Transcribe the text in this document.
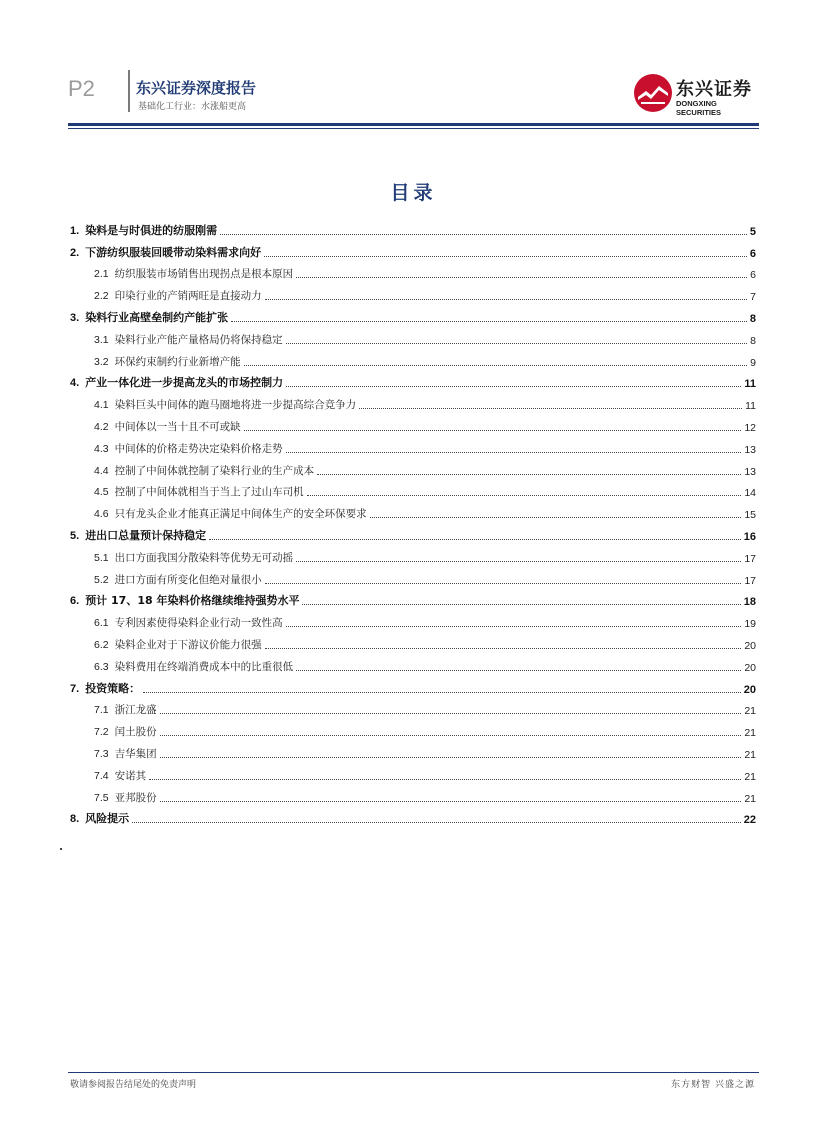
P2	东兴证券深度报告
基础化工行业：水涨船更高
东兴证券
DONGXING SECURITIES
目录
1. 染料是与时俱进的纺服刚需	5
2. 下游纺织服装回暖带动染料需求向好	6
2.1 纺织服装市场销售出现拐点是根本原因	6
2.2 印染行业的产销两旺是直接动力	7
3. 染料行业高壁垒制约产能扩张	8
3.1 染料行业产能产量格局仍将保持稳定	8
3.2 环保约束制约行业新增产能	9
4. 产业一体化进一步提高龙头的市场控制力	11
4.1 染料巨头中间体的跑马圈地将进一步提高综合竞争力	11
4.2 中间体以一当十且不可或缺	12
4.3 中间体的价格走势决定染料价格走势	13
4.4 控制了中间体就控制了染料行业的生产成本	13
4.5 控制了中间体就相当于当上了过山车司机	14
4.6 只有龙头企业才能真正满足中间体生产的安全环保要求	15
5. 进出口总量预计保持稳定	16
5.1 出口方面我国分散染料等优势无可动摇	17
5.2 进口方面有所变化但绝对量很小	17
6. 预计 17、18 年染料价格继续维持强势水平	18
6.1 专利因素使得染料企业行动一致性高	19
6.2 染料企业对于下游议价能力很强	20
6.3 染料费用在终端消费成本中的比重很低	20
7. 投资策略：	20
7.1 浙江龙盛	21
7.2 闰土股份	21
7.3 吉华集团	21
7.4 安诺其	21
7.5 亚邦股份	21
8. 风险提示	22
敬请参阅报告结尾处的免责声明	东方财智 兴盛之源
